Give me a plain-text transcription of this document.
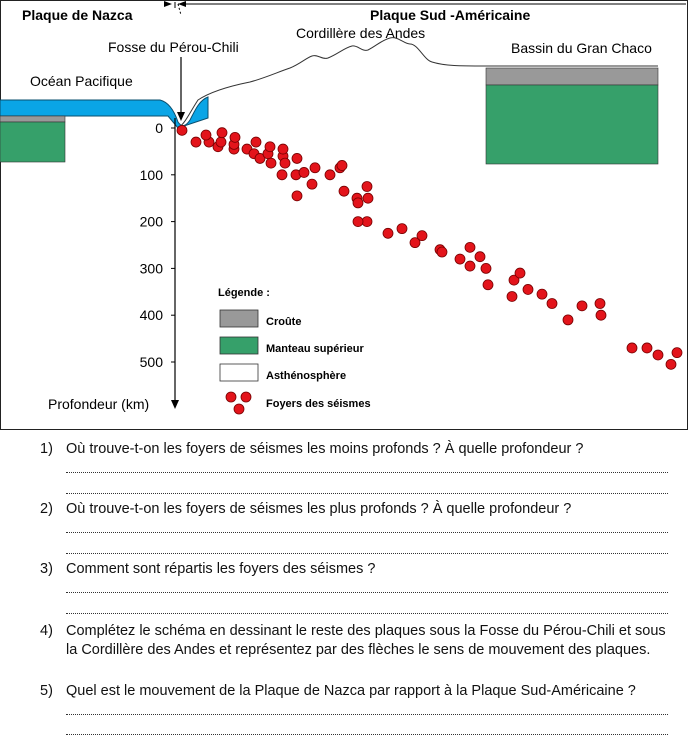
Plaque de Nazca	Plaque Sud -Américaine
Fosse du Pérou-Chili
Cordillère des Andes
Bassin du Gran Chaco
Océan Pacifique
0
100
200
300
400
500
Profondeur (km)
Légende :
Croûte
Manteau supérieur
Asthénosphère
Foyers des séismes
1) Où trouve-t-on les foyers de séismes les moins profonds ? À quelle profondeur ?
2) Où trouve-t-on les foyers de séismes les plus profonds ? À quelle profondeur ?
3) Comment sont répartis les foyers des séismes ?
4) Complétez le schéma en dessinant le reste des plaques sous la Fosse du Pérou-Chili et sous la Cordillère des Andes et représentez par des flèches le sens de mouvement des plaques.
5) Quel est le mouvement de la Plaque de Nazca par rapport à la Plaque Sud-Américaine ?
